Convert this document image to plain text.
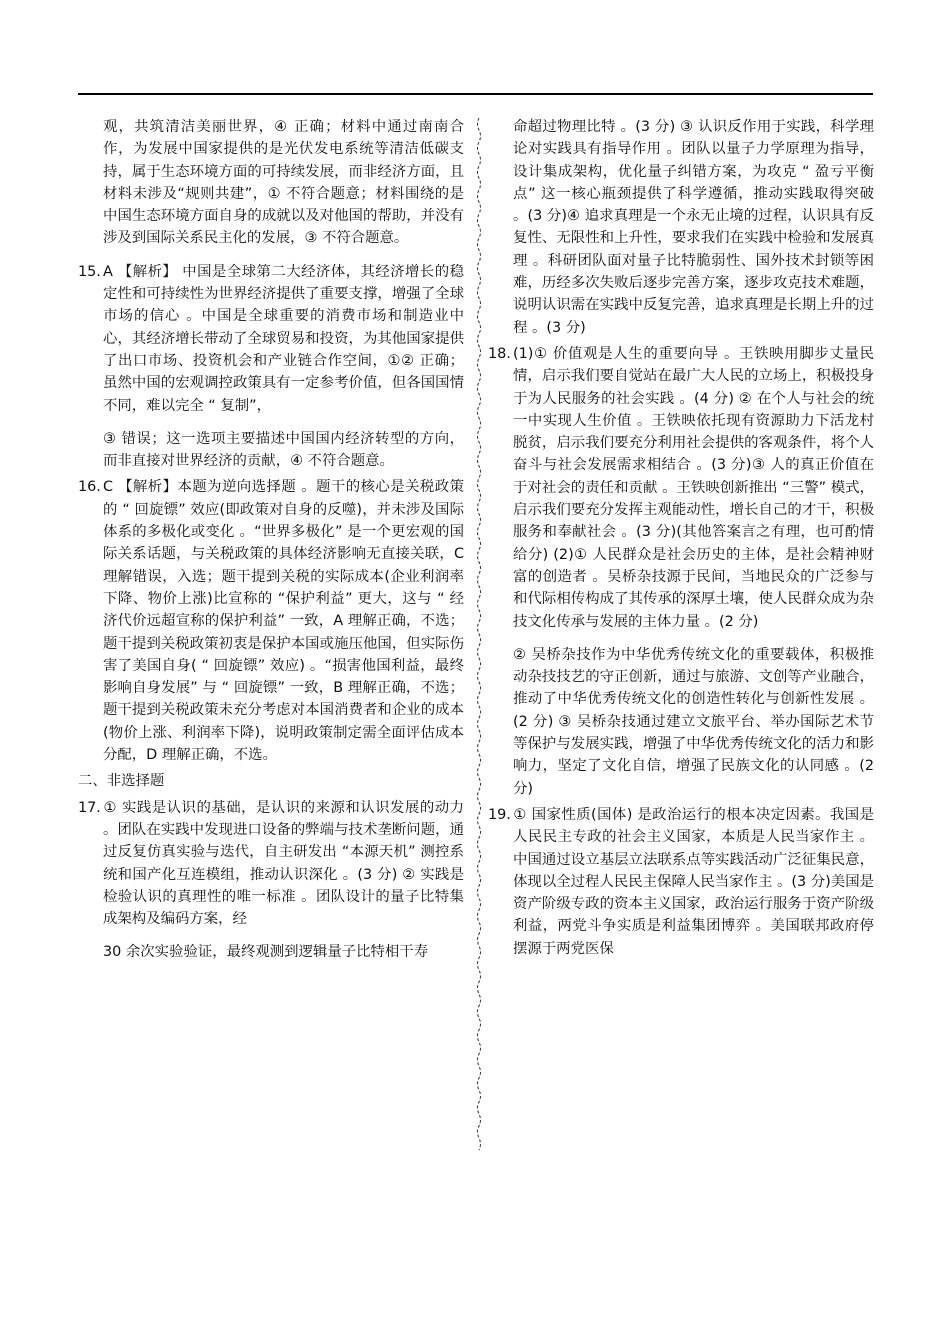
观，共筑清洁美丽世界，④ 正确；材料中通过南南合作，为发展中国家提供的是光伏发电系统等清洁低碳支持，属于生态环境方面的可持续发展，而非经济方面，且材料未涉及“规则共建”，① 不符合题意；材料围绕的是中国生态环境方面自身的成就以及对他国的帮助，并没有涉及到国际关系民主化的发展，③ 不符合题意。

15. A 【解析】 中国是全球第二大经济体，其经济增长的稳定性和可持续性为世界经济提供了重要支撑，增强了全球市场的信心 。中国是全球重要的消费市场和制造业中心，其经济增长带动了全球贸易和投资，为其他国家提供了出口市场、投资机会和产业链合作空间，①② 正确；虽然中国的宏观调控政策具有一定参考价值，但各国国情不同，难以完全 “ 复制”，

③ 错误；这一选项主要描述中国国内经济转型的方向，而非直接对世界经济的贡献，④ 不符合题意。

16. C 【解析】本题为逆向选择题 。题干的核心是关税政策的 “ 回旋镖” 效应(即政策对自身的反噬)，并未涉及国际体系的多极化或变化 。“世界多极化” 是一个更宏观的国际关系话题，与关税政策的具体经济影响无直接关联，C 理解错误，入选；题干提到关税的实际成本(企业利润率下降、物价上涨)比宣称的 “保护利益” 更大，这与 “ 经济代价远超宣称的保护利益” 一致，A 理解正确，不选；题干提到关税政策初衷是保护本国或施压他国，但实际伤害了美国自身( “ 回旋镖” 效应) 。“损害他国利益，最终影响自身发展” 与 “ 回旋镖” 一致，B 理解正确，不选；题干提到关税政策未充分考虑对本国消费者和企业的成本(物价上涨、利润率下降)，说明政策制定需全面评估成本分配，D 理解正确，不选。

二、非选择题

17. ① 实践是认识的基础，是认识的来源和认识发展的动力 。团队在实践中发现进口设备的弊端与技术垄断问题，通过反复仿真实验与迭代，自主研发出 “本源天机” 测控系统和国产化互连模组，推动认识深化 。(3 分) ② 实践是检验认识的真理性的唯一标准 。团队设计的量子比特集成架构及编码方案，经

30 余次实验验证，最终观测到逻辑量子比特相干寿

命超过物理比特 。(3 分) ③ 认识反作用于实践，科学理论对实践具有指导作用 。团队以量子力学原理为指导，设计集成架构，优化量子纠错方案，为攻克 “ 盈亏平衡点” 这一核心瓶颈提供了科学遵循，推动实践取得突破 。(3 分)④ 追求真理是一个永无止境的过程，认识具有反复性、无限性和上升性，要求我们在实践中检验和发展真理 。科研团队面对量子比特脆弱性、国外技术封锁等困难，历经多次失败后逐步完善方案，逐步攻克技术难题，说明认识需在实践中反复完善，追求真理是长期上升的过程 。(3 分)

18. (1)① 价值观是人生的重要向导 。王铁映用脚步丈量民情，启示我们要自觉站在最广大人民的立场上，积极投身于为人民服务的社会实践 。(4 分) ② 在个人与社会的统一中实现人生价值 。王铁映依托现有资源助力下活龙村脱贫，启示我们要充分利用社会提供的客观条件，将个人奋斗与社会发展需求相结合 。(3 分)③ 人的真正价值在于对社会的责任和贡献 。王铁映创新推出 “三警” 模式，启示我们要充分发挥主观能动性，增长自己的才干，积极服务和奉献社会 。(3 分)(其他答案言之有理，也可酌情给分) (2)① 人民群众是社会历史的主体，是社会精神财富的创造者 。吴桥杂技源于民间，当地民众的广泛参与和代际相传构成了其传承的深厚土壤，使人民群众成为杂技文化传承与发展的主体力量 。(2 分)

② 吴桥杂技作为中华优秀传统文化的重要载体，积极推动杂技技艺的守正创新，通过与旅游、文创等产业融合，推动了中华优秀传统文化的创造性转化与创新性发展 。 (2 分) ③ 吴桥杂技通过建立文旅平台、举办国际艺术节等保护与发展实践，增强了中华优秀传统文化的活力和影响力，坚定了文化自信，增强了民族文化的认同感 。(2 分)

19. ① 国家性质(国体) 是政治运行的根本决定因素。我国是人民民主专政的社会主义国家，本质是人民当家作主 。中国通过设立基层立法联系点等实践活动广泛征集民意，体现以全过程人民民主保障人民当家作主 。(3 分)美国是资产阶级专政的资本主义国家，政治运行服务于资产阶级利益，两党斗争实质是利益集团博弈 。美国联邦政府停摆源于两党医保
